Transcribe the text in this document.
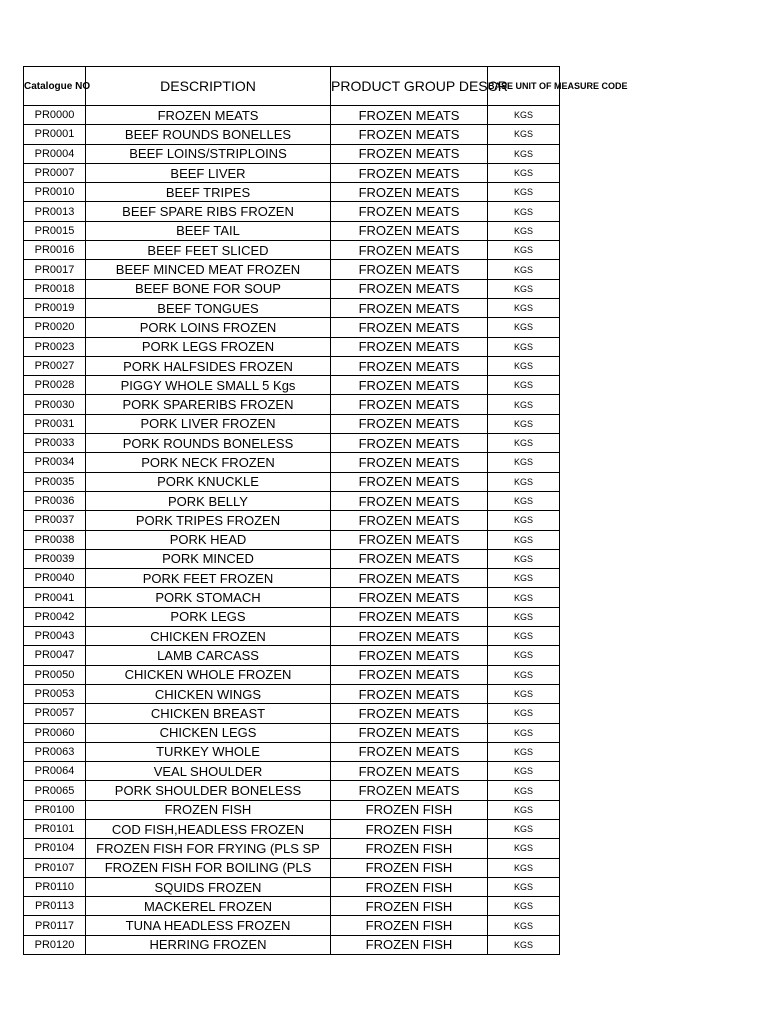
Catalogue NO	DESCRIPTION	PRODUCT GROUP DESCR	BASE UNIT OF MEASURE CODE
PR0000	FROZEN MEATS	FROZEN MEATS	KGS
PR0001	BEEF ROUNDS BONELLES	FROZEN MEATS	KGS
PR0004	BEEF LOINS/STRIPLOINS	FROZEN MEATS	KGS
PR0007	BEEF LIVER	FROZEN MEATS	KGS
PR0010	BEEF TRIPES	FROZEN MEATS	KGS
PR0013	BEEF SPARE RIBS FROZEN	FROZEN MEATS	KGS
PR0015	BEEF TAIL	FROZEN MEATS	KGS
PR0016	BEEF FEET SLICED	FROZEN MEATS	KGS
PR0017	BEEF MINCED MEAT FROZEN	FROZEN MEATS	KGS
PR0018	BEEF BONE FOR SOUP	FROZEN MEATS	KGS
PR0019	BEEF TONGUES	FROZEN MEATS	KGS
PR0020	PORK LOINS FROZEN	FROZEN MEATS	KGS
PR0023	PORK LEGS FROZEN	FROZEN MEATS	KGS
PR0027	PORK HALFSIDES FROZEN	FROZEN MEATS	KGS
PR0028	PIGGY WHOLE SMALL 5 Kgs	FROZEN MEATS	KGS
PR0030	PORK SPARERIBS FROZEN	FROZEN MEATS	KGS
PR0031	PORK LIVER FROZEN	FROZEN MEATS	KGS
PR0033	PORK ROUNDS BONELESS	FROZEN MEATS	KGS
PR0034	PORK NECK FROZEN	FROZEN MEATS	KGS
PR0035	PORK KNUCKLE	FROZEN MEATS	KGS
PR0036	PORK BELLY	FROZEN MEATS	KGS
PR0037	PORK TRIPES FROZEN	FROZEN MEATS	KGS
PR0038	PORK HEAD	FROZEN MEATS	KGS
PR0039	PORK MINCED	FROZEN MEATS	KGS
PR0040	PORK FEET FROZEN	FROZEN MEATS	KGS
PR0041	PORK STOMACH	FROZEN MEATS	KGS
PR0042	PORK LEGS	FROZEN MEATS	KGS
PR0043	CHICKEN FROZEN	FROZEN MEATS	KGS
PR0047	LAMB CARCASS	FROZEN MEATS	KGS
PR0050	CHICKEN WHOLE FROZEN	FROZEN MEATS	KGS
PR0053	CHICKEN WINGS	FROZEN MEATS	KGS
PR0057	CHICKEN BREAST	FROZEN MEATS	KGS
PR0060	CHICKEN LEGS	FROZEN MEATS	KGS
PR0063	TURKEY WHOLE	FROZEN MEATS	KGS
PR0064	VEAL SHOULDER	FROZEN MEATS	KGS
PR0065	PORK SHOULDER BONELESS	FROZEN MEATS	KGS
PR0100	FROZEN FISH	FROZEN FISH	KGS
PR0101	COD FISH,HEADLESS FROZEN	FROZEN FISH	KGS
PR0104	FROZEN FISH FOR FRYING (PLS SP	FROZEN FISH	KGS
PR0107	FROZEN FISH FOR BOILING (PLS	FROZEN FISH	KGS
PR0110	SQUIDS FROZEN	FROZEN FISH	KGS
PR0113	MACKEREL FROZEN	FROZEN FISH	KGS
PR0117	TUNA HEADLESS FROZEN	FROZEN FISH	KGS
PR0120	HERRING FROZEN	FROZEN FISH	KGS
